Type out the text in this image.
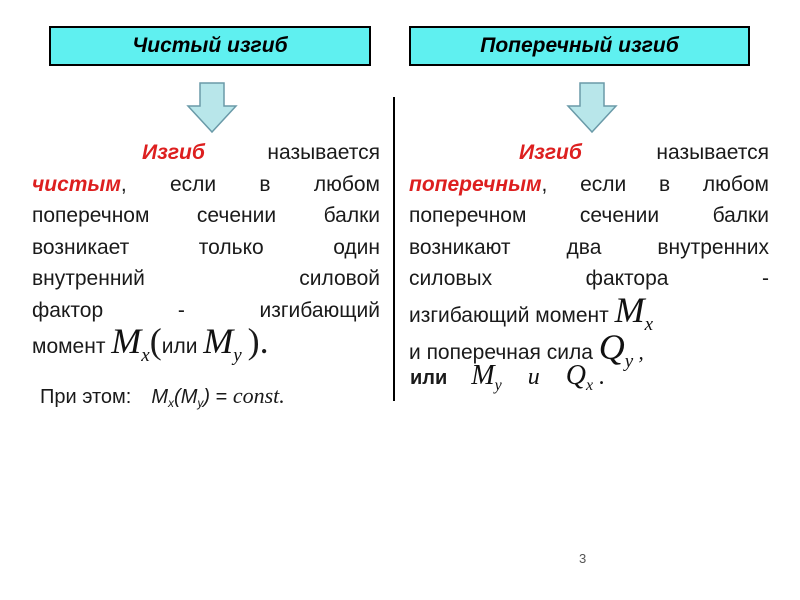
Чистый изгиб	Поперечный изгиб
Изгиб называется
чистым, если в любом
поперечном сечении балки
возникает только один
внутренний силовой
фактор - изгибающий
момент Mx(или My ).
При этом: $M_x(M_y)$ = const.
Изгиб называется
поперечным, если в любом
поперечном сечении балки
возникают два внутренних
силовых фактора -
изгибающий момент Mx
и поперечная сила Qy ,
или $M_y$ и $Q_x$ .
3
